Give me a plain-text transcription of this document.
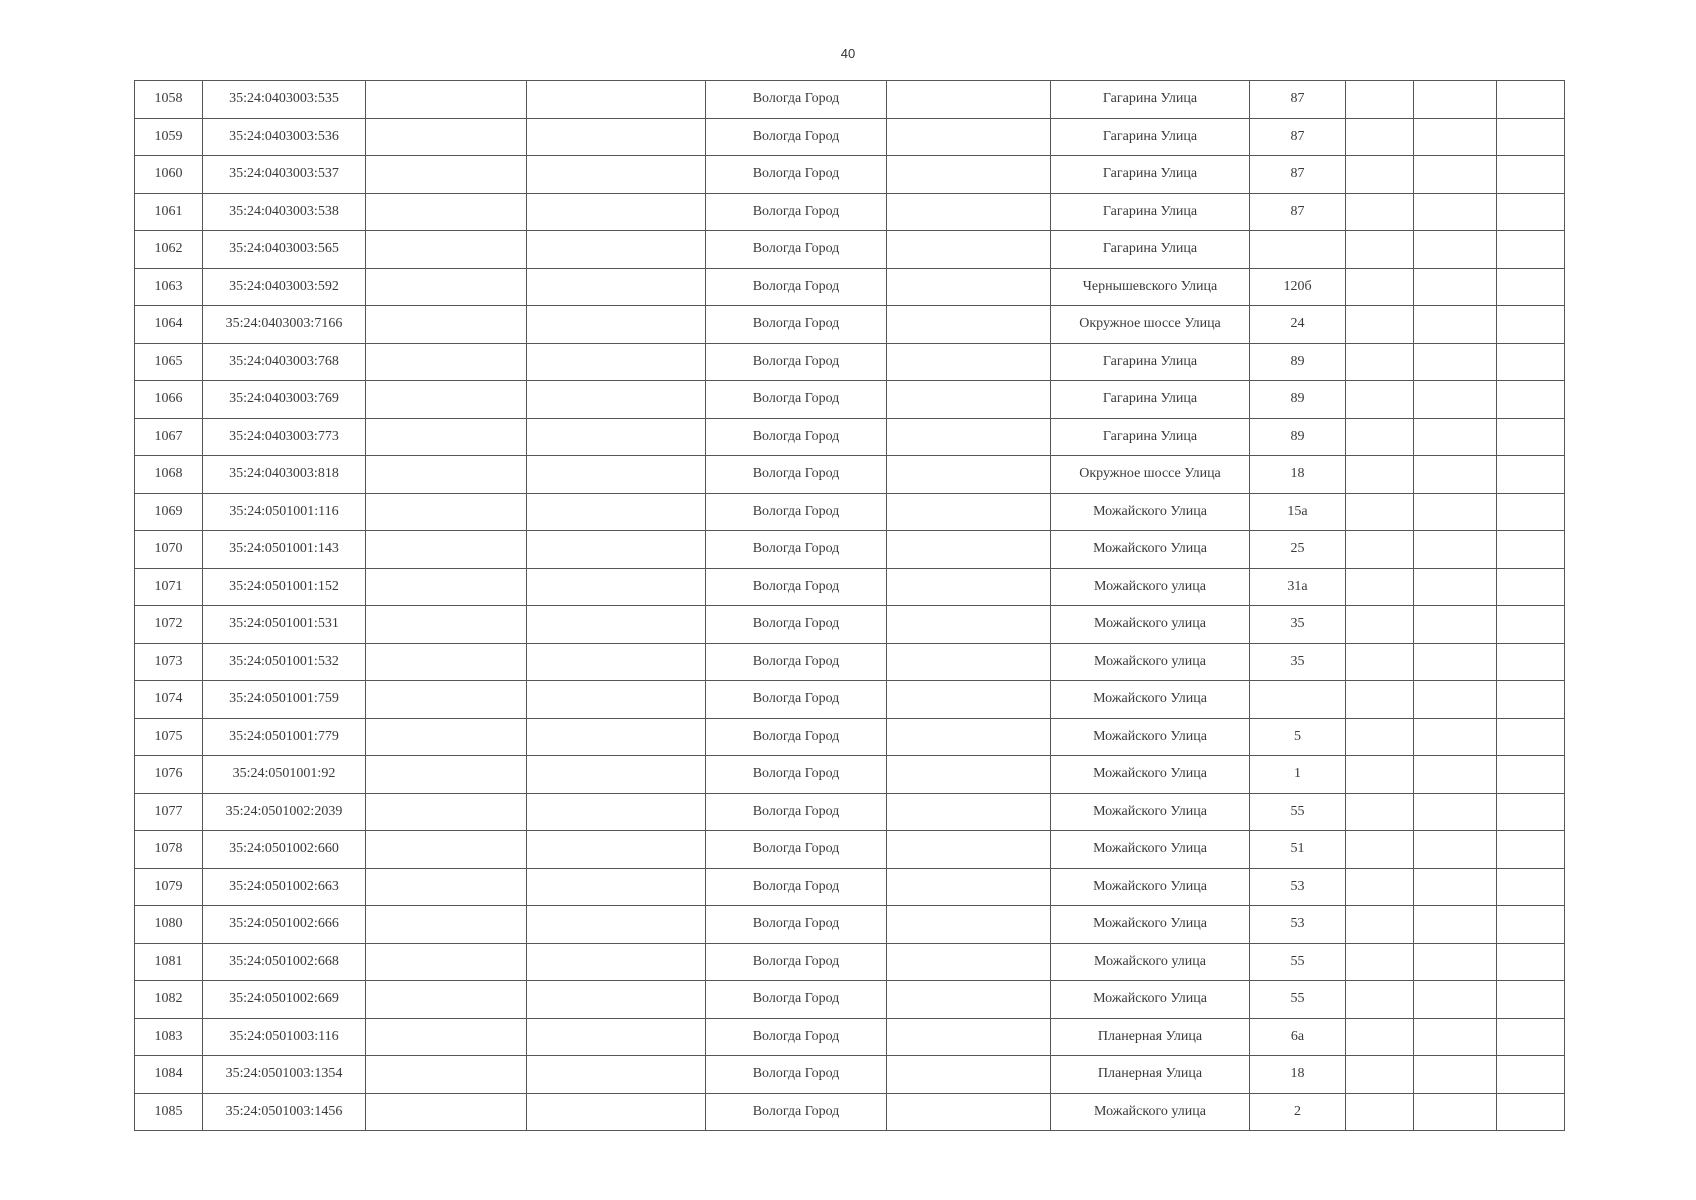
40
1058	35:24:0403003:535			Вологда Город		Гагарина Улица	87			
1059	35:24:0403003:536			Вологда Город		Гагарина Улица	87			
1060	35:24:0403003:537			Вологда Город		Гагарина Улица	87			
1061	35:24:0403003:538			Вологда Город		Гагарина Улица	87			
1062	35:24:0403003:565			Вологда Город		Гагарина Улица				
1063	35:24:0403003:592			Вологда Город		Чернышевского Улица	120б			
1064	35:24:0403003:7166			Вологда Город		Окружное шоссе Улица	24			
1065	35:24:0403003:768			Вологда Город		Гагарина Улица	89			
1066	35:24:0403003:769			Вологда Город		Гагарина Улица	89			
1067	35:24:0403003:773			Вологда Город		Гагарина Улица	89			
1068	35:24:0403003:818			Вологда Город		Окружное шоссе Улица	18			
1069	35:24:0501001:116			Вологда Город		Можайского Улица	15а			
1070	35:24:0501001:143			Вологда Город		Можайского Улица	25			
1071	35:24:0501001:152			Вологда Город		Можайского улица	31а			
1072	35:24:0501001:531			Вологда Город		Можайского улица	35			
1073	35:24:0501001:532			Вологда Город		Можайского улица	35			
1074	35:24:0501001:759			Вологда Город		Можайского Улица				
1075	35:24:0501001:779			Вологда Город		Можайского Улица	5			
1076	35:24:0501001:92			Вологда Город		Можайского Улица	1			
1077	35:24:0501002:2039			Вологда Город		Можайского Улица	55			
1078	35:24:0501002:660			Вологда Город		Можайского Улица	51			
1079	35:24:0501002:663			Вологда Город		Можайского Улица	53			
1080	35:24:0501002:666			Вологда Город		Можайского Улица	53			
1081	35:24:0501002:668			Вологда Город		Можайского улица	55			
1082	35:24:0501002:669			Вологда Город		Можайского Улица	55			
1083	35:24:0501003:116			Вологда Город		Планерная Улица	6а			
1084	35:24:0501003:1354			Вологда Город		Планерная Улица	18			
1085	35:24:0501003:1456			Вологда Город		Можайского улица	2			
